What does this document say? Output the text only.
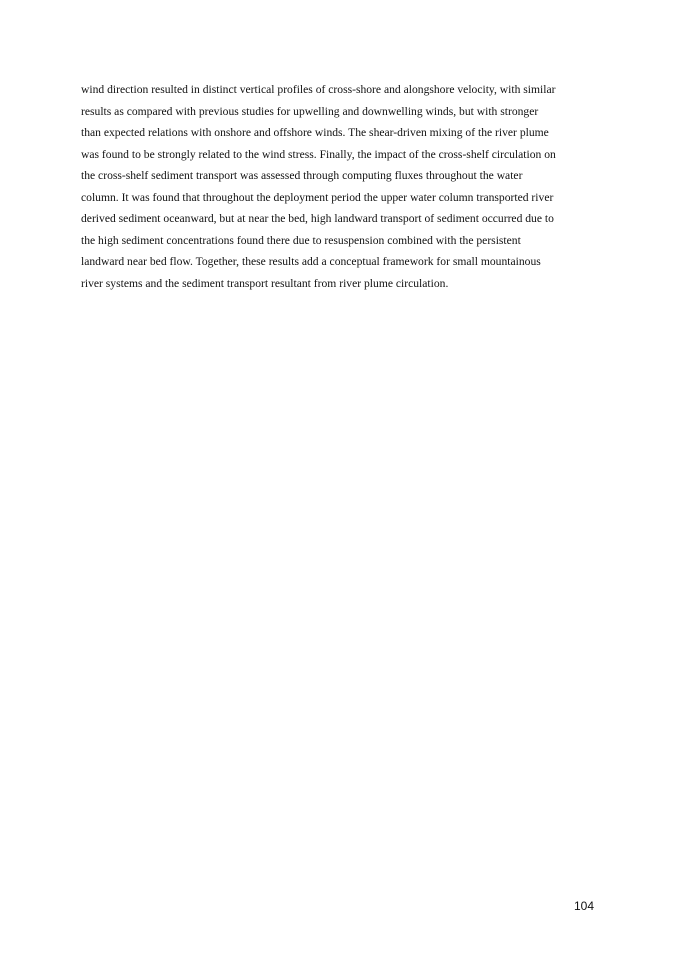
wind direction resulted in distinct vertical profiles of cross-shore and alongshore velocity, with similar
results as compared with previous studies for upwelling and downwelling winds, but with stronger
than expected relations with onshore and offshore winds. The shear-driven mixing of the river plume
was found to be strongly related to the wind stress. Finally, the impact of the cross-shelf circulation on
the cross-shelf sediment transport was assessed through computing fluxes throughout the water
column. It was found that throughout the deployment period the upper water column transported river
derived sediment oceanward, but at near the bed, high landward transport of sediment occurred due to
the high sediment concentrations found there due to resuspension combined with the persistent
landward near bed flow. Together, these results add a conceptual framework for small mountainous
river systems and the sediment transport resultant from river plume circulation.

104
